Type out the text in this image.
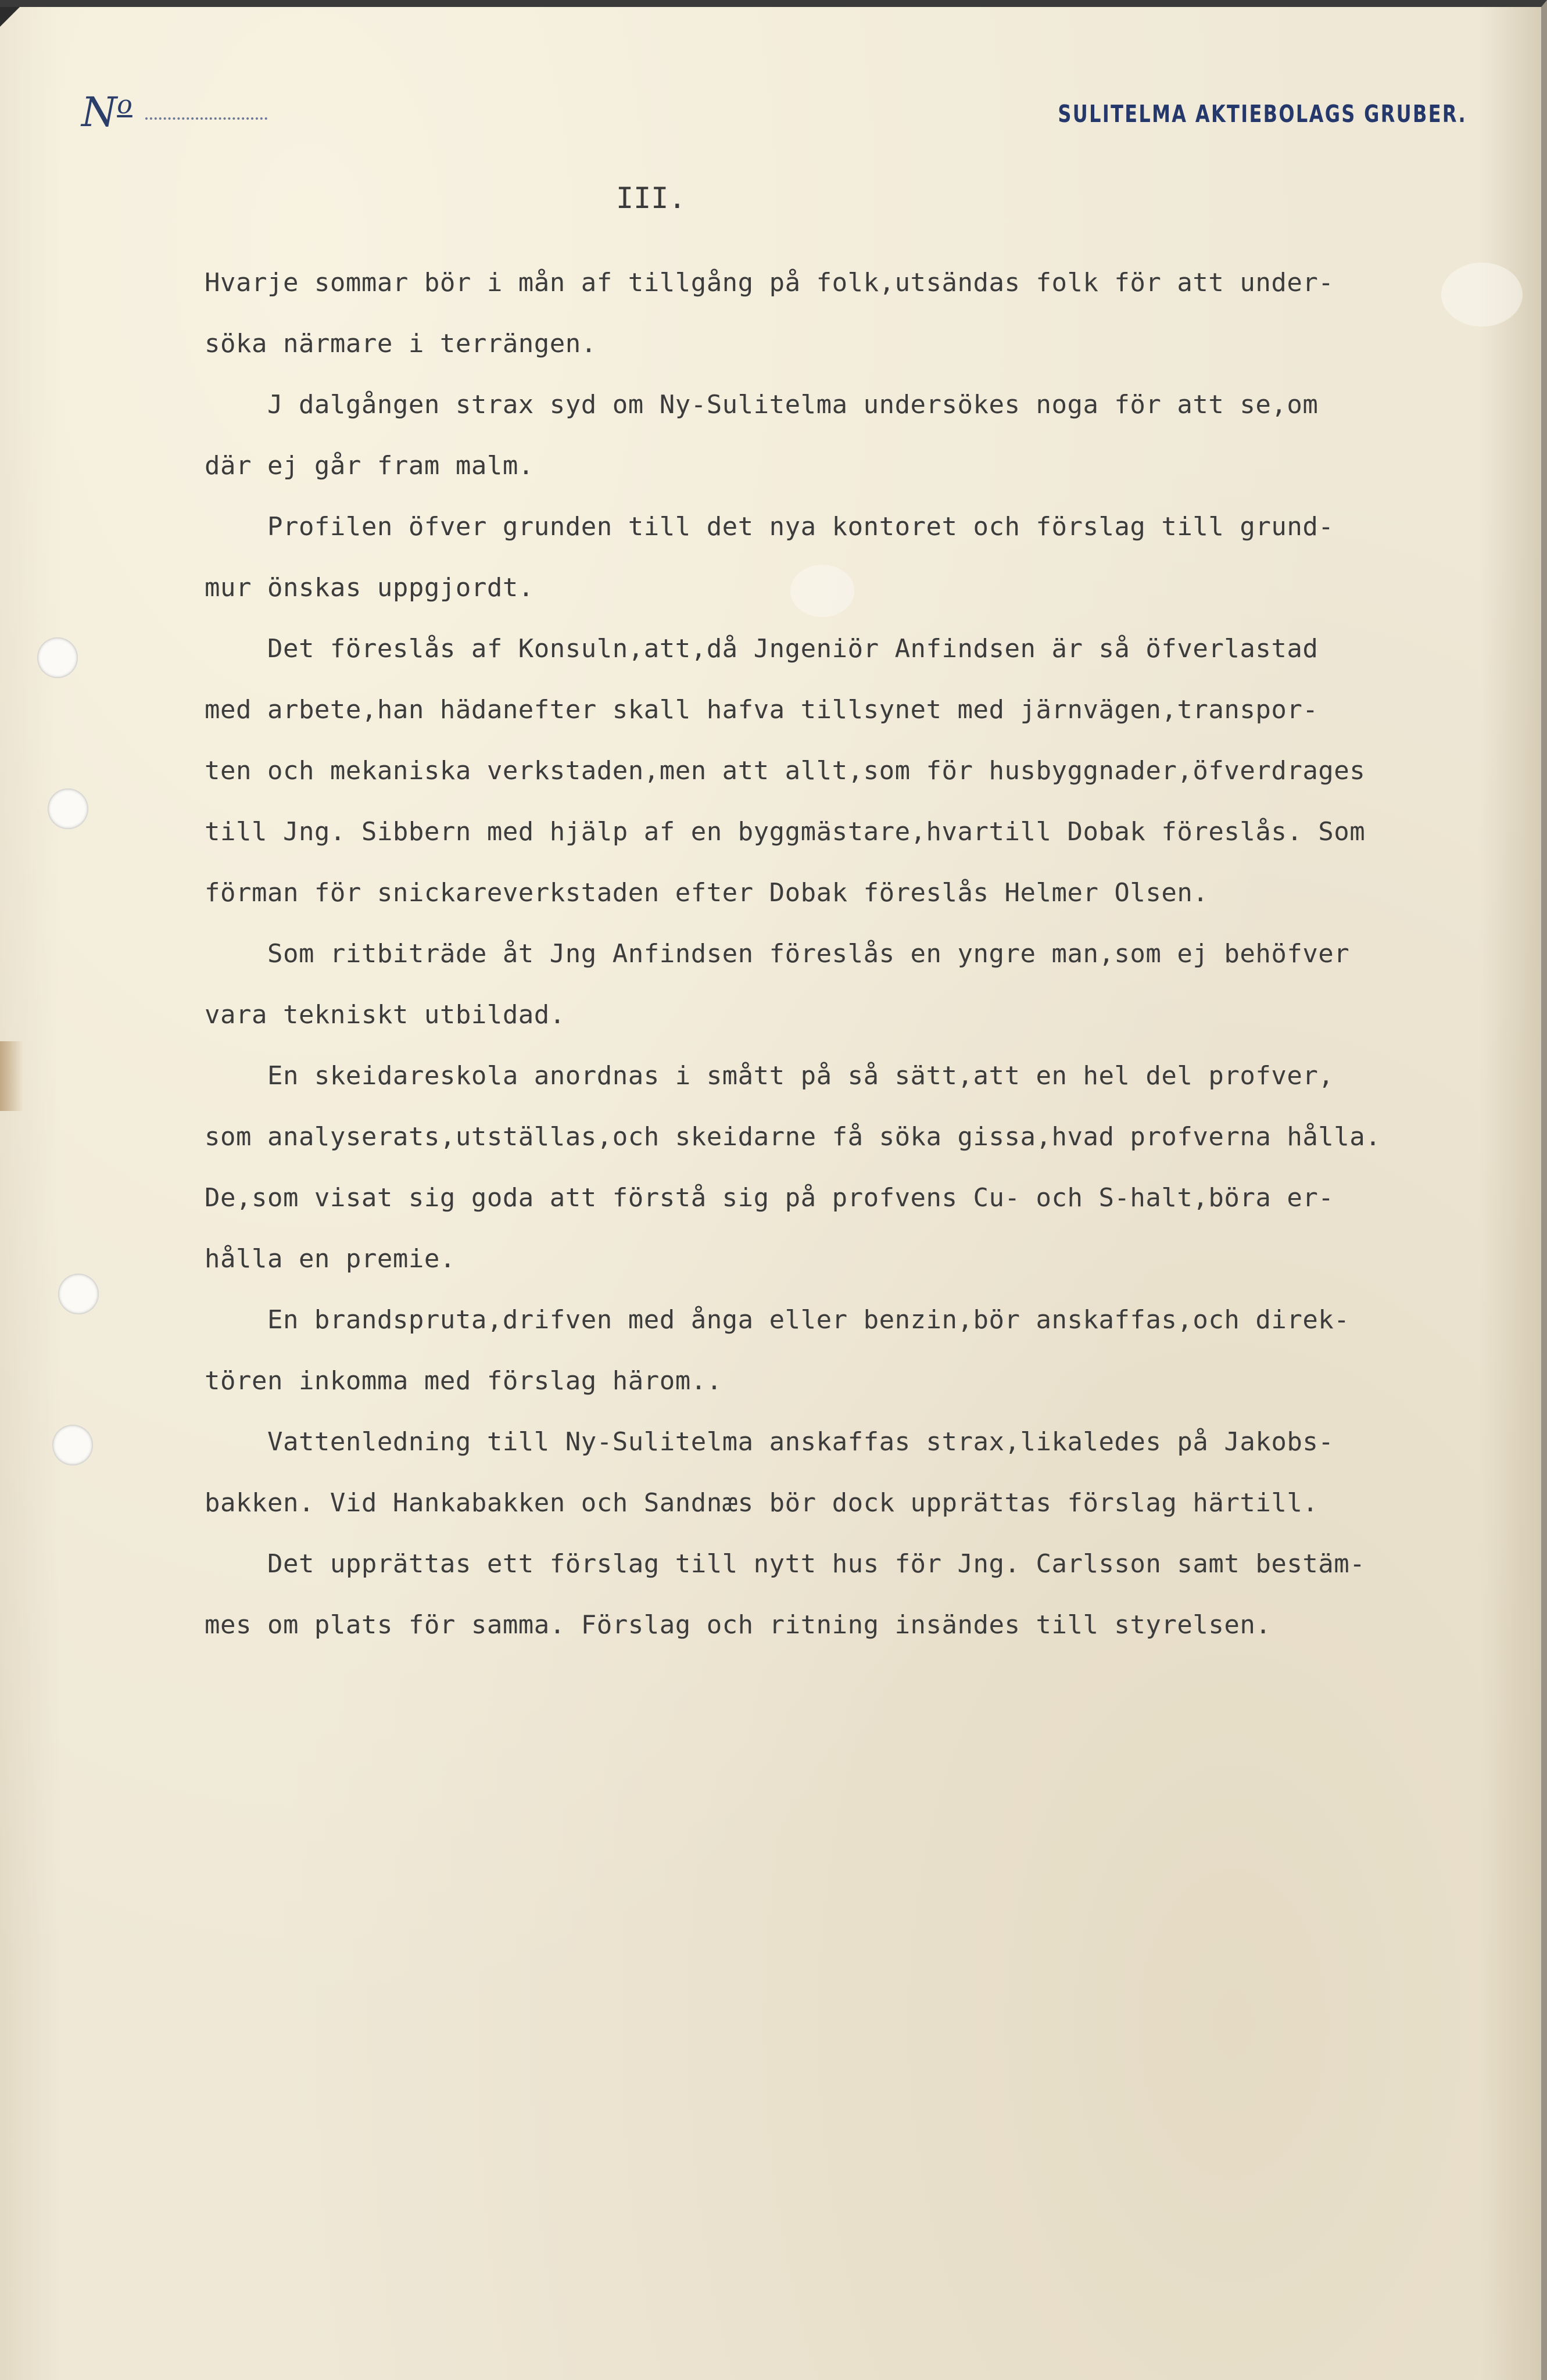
$N^o$	SULITELMA AKTIEBOLAGS GRUBER.
III.
Hvarje sommar bör i mån af tillgång på folk,utsändas folk för att under-
söka närmare i terrängen.
J dalgången strax syd om Ny-Sulitelma undersökes noga för att se,om
där ej går fram malm.
Profilen öfver grunden till det nya kontoret och förslag till grund-
mur önskas uppgjordt.
Det föreslås af Konsuln,att,då Jngeniör Anfindsen är så öfverlastad
med arbete,han hädanefter skall hafva tillsynet med järnvägen,transpor-
ten och mekaniska verkstaden,men att allt,som för husbyggnader,öfverdrages
till Jng. Sibbern med hjälp af en byggmästare,hvartill Dobak föreslås. Som
förman för snickareverkstaden efter Dobak föreslås Helmer Olsen.
Som ritbiträde åt Jng Anfindsen föreslås en yngre man,som ej behöfver
vara tekniskt utbildad.
En skeidareskola anordnas i smått på så sätt,att en hel del profver,
som analyserats,utställas,och skeidarne få söka gissa,hvad profverna hålla.
De,som visat sig goda att förstå sig på profvens Cu- och S-halt,böra er-
hålla en premie.
En brandspruta,drifven med ånga eller benzin,bör anskaffas,och direk-
tören inkomma med förslag härom..
Vattenledning till Ny-Sulitelma anskaffas strax,likaledes på Jakobs-
bakken. Vid Hankabakken och Sandnæs bör dock upprättas förslag härtill.
Det upprättas ett förslag till nytt hus för Jng. Carlsson samt bestäm-
mes om plats för samma. Förslag och ritning insändes till styrelsen.
